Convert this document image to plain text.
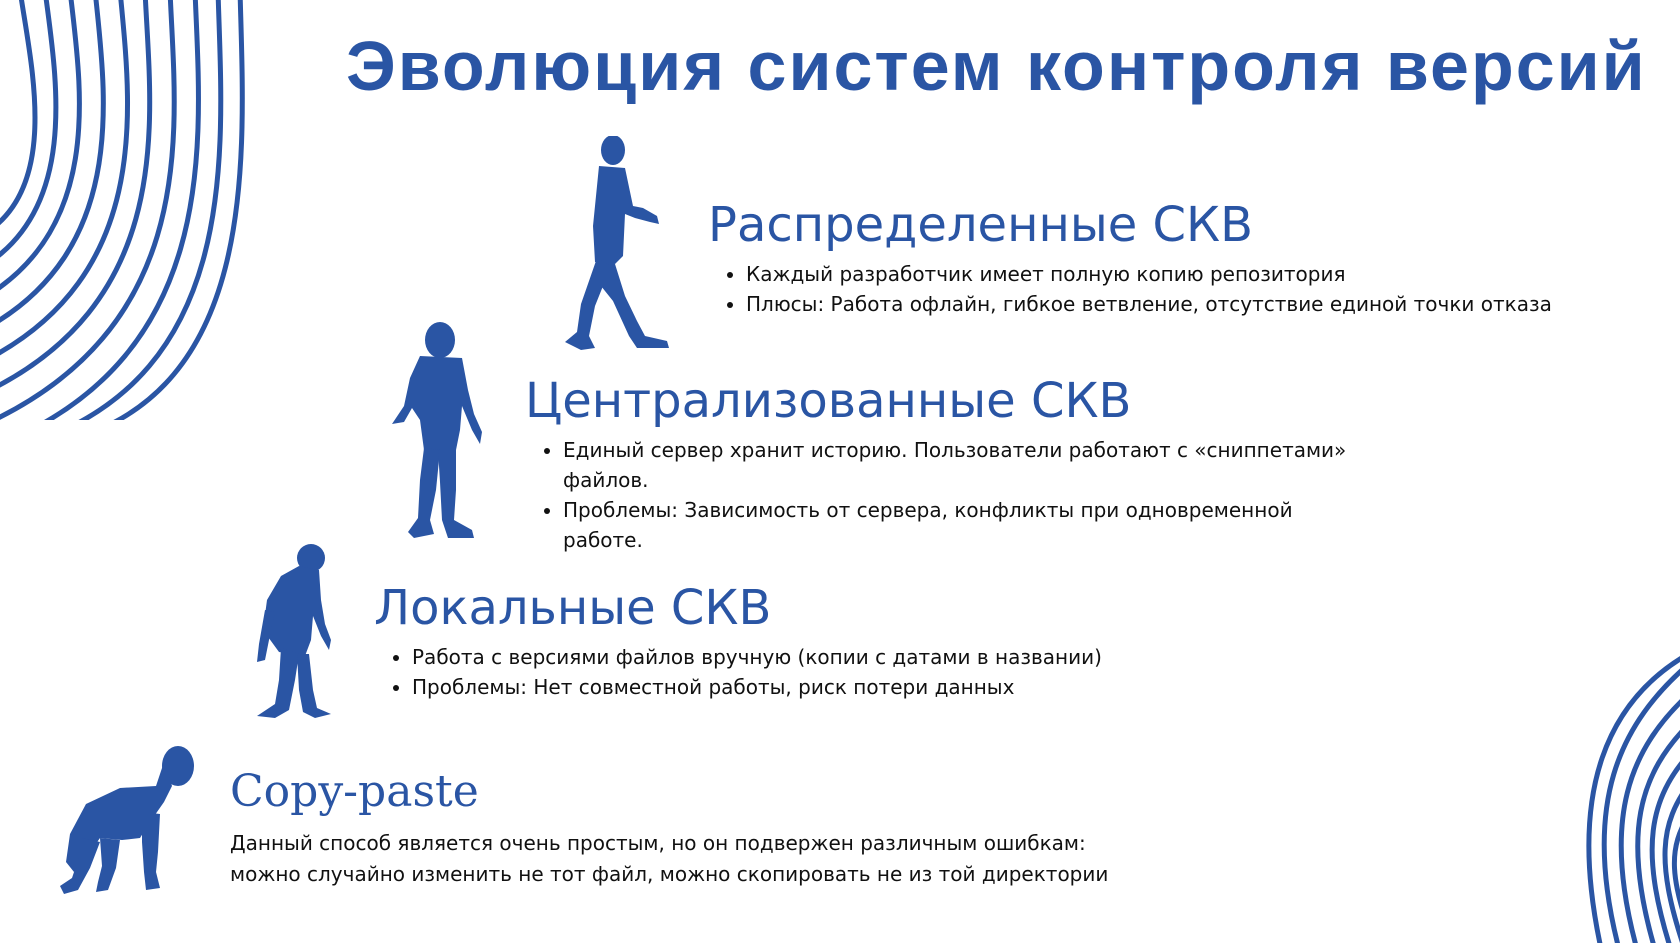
Эволюция систем контроля версий
Распределенные СКВ
• Каждый разработчик имеет полную копию репозитория
• Плюсы: Работа офлайн, гибкое ветвление, отсутствие единой точки отказа
Централизованные СКВ
• Единый сервер хранит историю. Пользователи работают с «сниппетами» файлов.
• Проблемы: Зависимость от сервера, конфликты при одновременной работе.
Локальные СКВ
• Работа с версиями файлов вручную (копии с датами в названии)
• Проблемы: Нет совместной работы, риск потери данных
Copy-paste

Данный способ является очень простым, но он подвержен различным ошибкам:
можно случайно изменить не тот файл, можно скопировать не из той директории
